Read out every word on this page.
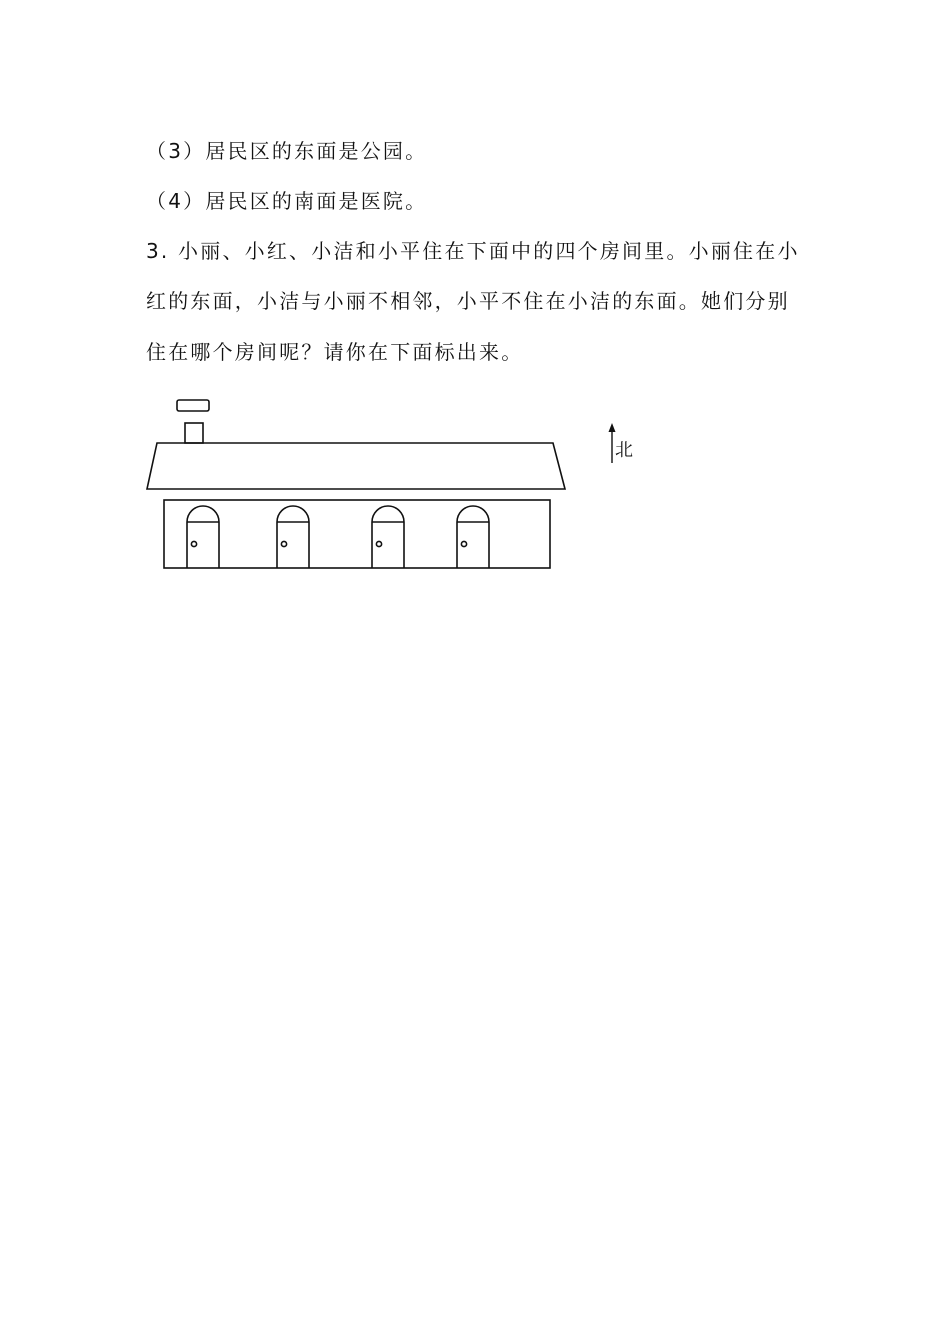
（3）居民区的东面是公园。
（4）居民区的南面是医院。
3. 小丽、小红、小洁和小平住在下面中的四个房间里。小丽住在小
红的东面，小洁与小丽不相邻，小平不住在小洁的东面。她们分别
住在哪个房间呢？请你在下面标出来。
北
